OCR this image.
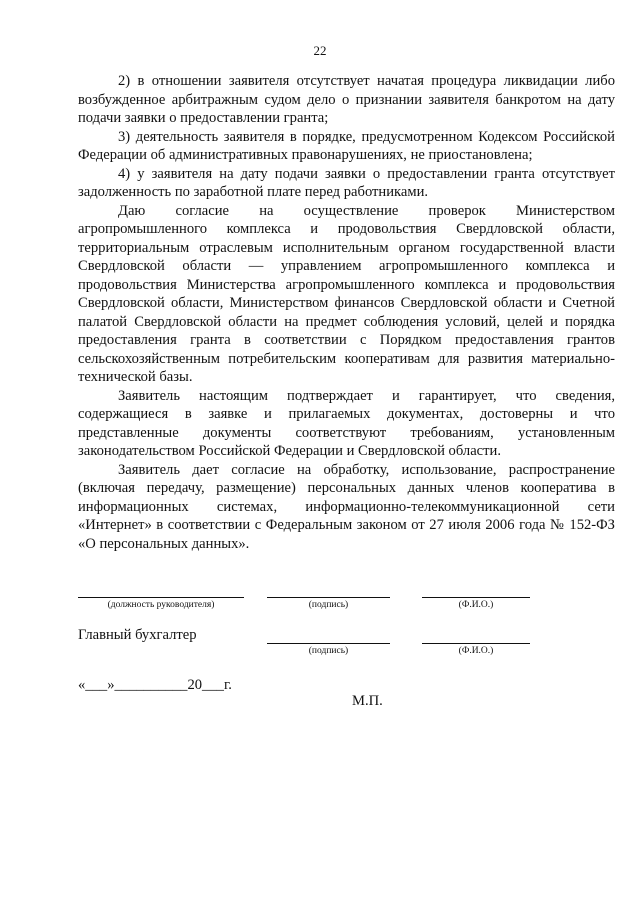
22

2) в отношении заявителя отсутствует начатая процедура ликвидации либо возбужденное арбитражным судом дело о признании заявителя банкротом на дату подачи заявки о предоставлении гранта;

3) деятельность заявителя в порядке, предусмотренном Кодексом Российской Федерации об административных правонарушениях, не приостановлена;

4) у заявителя на дату подачи заявки о предоставлении гранта отсутствует задолженность по заработной плате перед работниками.

Даю согласие на осуществление проверок Министерством агропромышленного комплекса и продовольствия Свердловской области, территориальным отраслевым исполнительным органом государственной власти Свердловской области — управлением агропромышленного комплекса и продовольствия Министерства агропромышленного комплекса и продовольствия Свердловской области, Министерством финансов Свердловской области и Счетной палатой Свердловской области на предмет соблюдения условий, целей и порядка предоставления гранта в соответствии с Порядком предоставления грантов сельскохозяйственным потребительским кооперативам для развития материально-технической базы.

Заявитель настоящим подтверждает и гарантирует, что сведения, содержащиеся в заявке и прилагаемых документах, достоверны и что представленные документы соответствуют требованиям, установленным законодательством Российской Федерации и Свердловской области.

Заявитель дает согласие на обработку, использование, распространение (включая передачу, размещение) персональных данных членов кооператива в информационных системах, информационно-телекоммуникационной сети «Интернет» в соответствии с Федеральным законом от 27 июля 2006 года № 152-ФЗ «О персональных данных».

(должность руководителя)	(подпись)	(Ф.И.О.)
Главный бухгалтер
(подпись)	(Ф.И.О.)
«___»__________20___г.
М.П.
